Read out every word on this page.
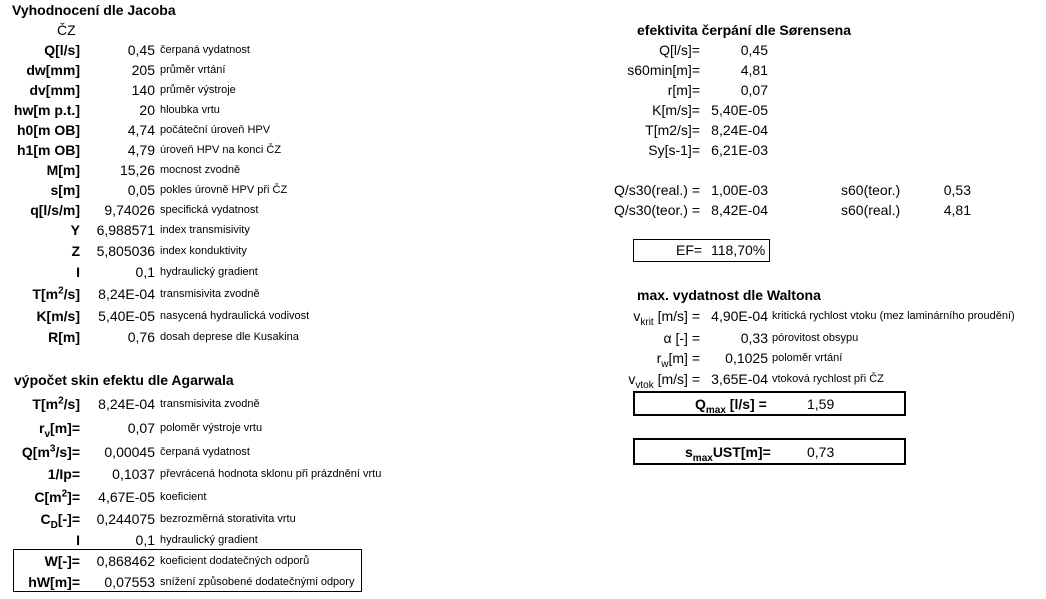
Vyhodnocení dle Jacoba
ČZ
Q[l/s]	0,45 čerpaná vydatnost
dw[mm]	205 průměr vrtání
dv[mm]	140 průměr výstroje
hw[m p.t.]	20 hloubka vrtu
h0[m OB]	4,74 počáteční úroveň HPV
h1[m OB]	4,79 úroveň HPV na konci ČZ
M[m]	15,26 mocnost zvodně
s[m]	0,05 pokles úrovně HPV při ČZ
q[l/s/m] 9,74026 specifická vydatnost
Y 6,988571 index transmisivity
Z 5,805036 index konduktivity
I	0,1 hydraulický gradient
$T[m^2/s]$ 8,24E-04 transmisivita zvodně
K[m/s] 5,40E-05 nasycená hydraulická vodivost
R[m]	0,76 dosah deprese dle Kusakina
výpočet skin efektu dle Agarwala
$T[m^2/s]$ 8,24E-04 transmisivita zvodně
$r_v[m]=$	0,07 poloměr výstroje vrtu
$Q[m^3/s]= 0,00045$ čerpaná vydatnost
1/Ip= 0,1037 převrácená hodnota sklonu při prázdnění vrtu
$C[m^2]= 4,67E-05$ koeficient
$C_D[-]= 0,244075$ bezrozměrná storativita vrtu
I	0,1 hydraulický gradient
W[-]= 0,868462 koeficient dodatečných odporů
hW[m]= 0,07553 snížení způsobené dodatečnými odpory
efektivita čerpání dle Sørensena
Q[l/s]=	0,45
s60min[m]=	4,81
r[m]=	0,07
K[m/s]= 5,40E-05
T[m2/s]= 8,24E-04
Sy[s-1]= 6,21E-03
Q/s30(real.) = 1,00E-03	s60(teor.)	0,53
Q/s30(teor.) = 8,42E-04	s60(real.)	4,81
EF= 118,70%
max. vydatnost dle Waltona
$v_{krit}$ [m/s] = 4,90E-04 kritická rychlost vtoku (mez laminárního proudění)
α [-] =	0,33 pórovitost obsypu
$r_w[m] = 0,1025$ poloměr vrtání
$v_{vtok}$ [m/s] = 3,65E-04 vtoková rychlost při ČZ
$Q_{max}$ [l/s] =	1,59
$s_{max}UST[m]=$	0,73
